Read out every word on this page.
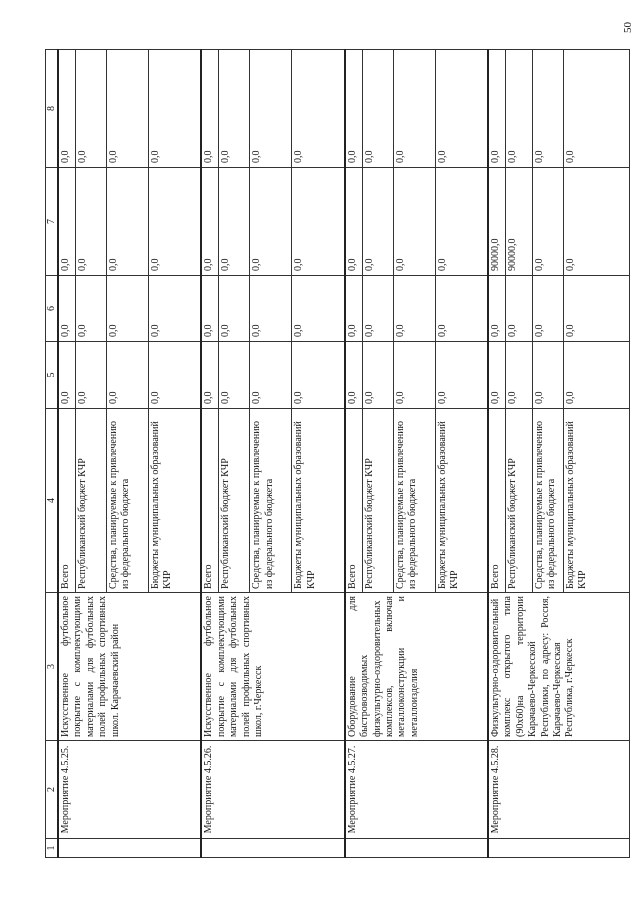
50
1	2	3	4	5	6	7	8
	Мероприятие 4.5.25.	Искусственное футбольное покрытие с комплектующими материалами для футбольных полей профильных спортивных школ. Карачаевский район	Всего	0,0	0,0	0,0	0,0
			Республиканский бюджет КЧР	0,0	0,0	0,0	0,0
			Средства, планируемые к привлечению из федерального бюджета	0,0	0,0	0,0	0,0
			Бюджеты муниципальных образований КЧР	0,0	0,0	0,0	0,0
	Мероприятие 4.5.26.	Искусственное футбольное покрытие с комплектующими материалами для футбольных полей профильных спортивных школ, г.Черкесск	Всего	0,0	0,0	0,0	0,0
			Республиканский бюджет КЧР	0,0	0,0	0,0	0,0
			Средства, планируемые к привлечению из федерального бюджета	0,0	0,0	0,0	0,0
			Бюджеты муниципальных образований КЧР	0,0	0,0	0,0	0,0
	Мероприятие 4.5.27.	Оборудование для быстровозводимых физкультурно-оздоровительных комплексов, включая металлоконструкции и металлоизделия	Всего	0,0	0,0	0,0	0,0
			Республиканский бюджет КЧР	0,0	0,0	0,0	0,0
			Средства, планируемые к привлечению из федерального бюджета	0,0	0,0	0,0	0,0
			Бюджеты муниципальных образований КЧР	0,0	0,0	0,0	0,0
	Мероприятие 4.5.28.	Физкультурно-оздоровительный комплекс открытого типа (90х60)на территории Карачаево-Черкесской Республики, по адресу: Россия, Карачаево-Черкесская Республика, г.Черкесск	Всего	0,0	0,0	90000,0	0,0
			Республиканский бюджет КЧР	0,0	0,0	90000,0	0,0
			Средства, планируемые к привлечению из федерального бюджета	0,0	0,0	0,0	0,0
			Бюджеты муниципальных образований КЧР	0,0	0,0	0,0	0,0
